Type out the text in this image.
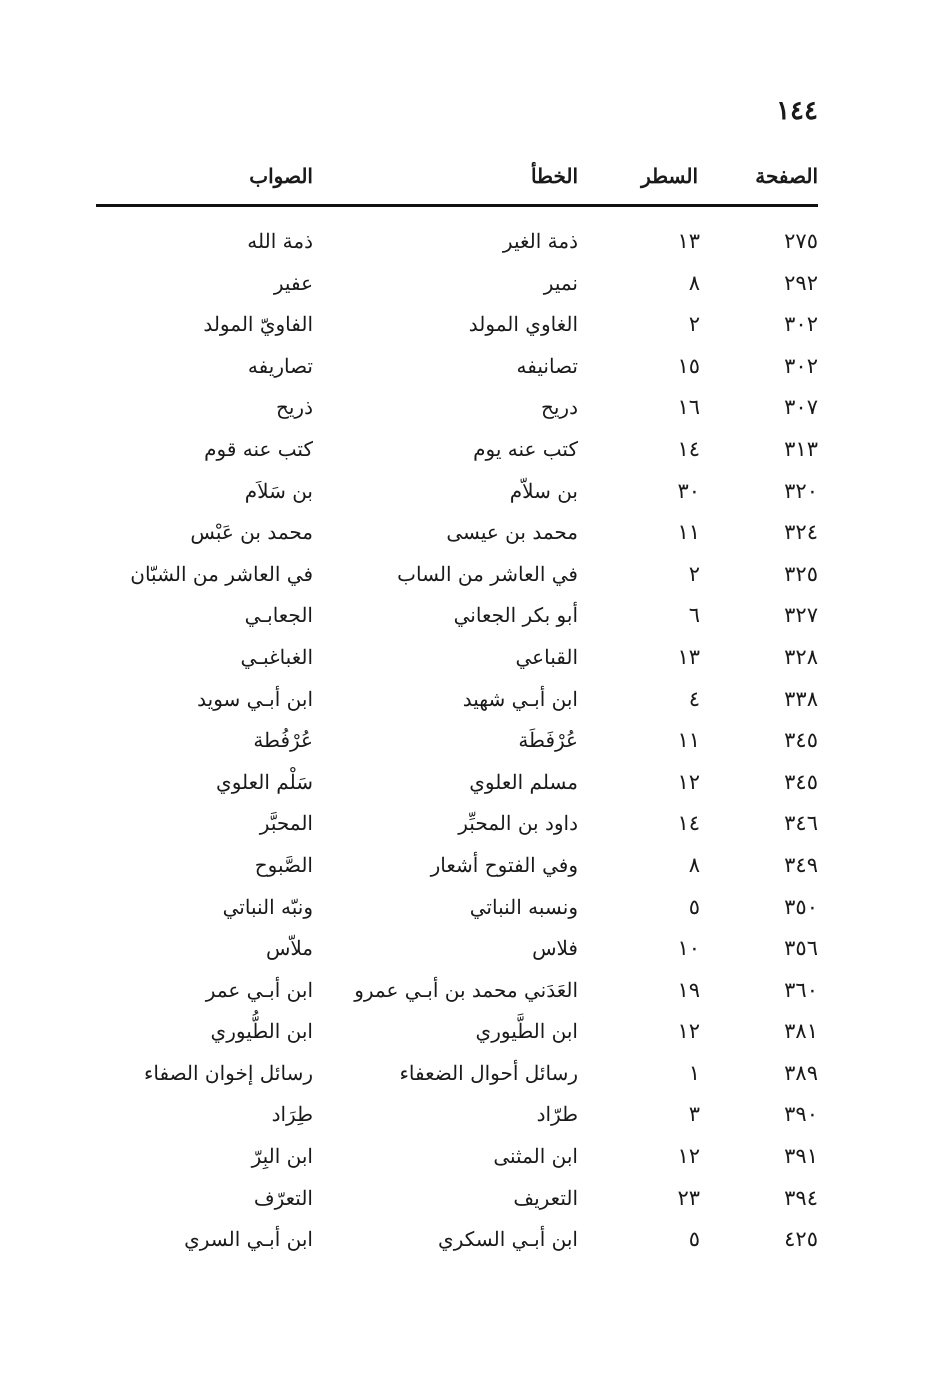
١٤٤
الصفحة
السطر
الخطأ
الصواب
٢٧٥
١٣
ذمة الغير
ذمة الله
٢٩٢
٨
نمير
عفير
٣٠٢
٢
الغاوي المولد
الفاويّ المولد
٣٠٢
١٥
تصانيفه
تصاريفه
٣٠٧
١٦
دريح
ذريح
٣١٣
١٤
كتب عنه يوم
كتب عنه قوم
٣٢٠
٣٠
بن سلاّم
بن سَلاَم
٣٢٤
١١
محمد بن عيسى
محمد بن عَبْس
٣٢٥
٢
في العاشر من الساب
في العاشر من الشبّان
٣٢٧
٦
أبو بكر الجعاني
الجعابـي
٣٢٨
١٣
القباعي
الغباغبـي
٣٣٨
٤
ابن أبـي شهيد
ابن أبـي سويد
٣٤٥
١١
عُرْفَطَة
عُرْفُطة
٣٤٥
١٢
مسلم العلوي
سَلْم العلوي
٣٤٦
١٤
داود بن المحبِّر
المحبَّر
٣٤٩
٨
وفي الفتوح أشعار
الصَّبوح
٣٥٠
٥
ونسبه النباتي
ونبّه النباتي
٣٥٦
١٠
فلاس
ملاّس
٣٦٠
١٩
العَدَني محمد بن أبـي عمرو
ابن أبـي عمر
٣٨١
١٢
ابن الطَّيوري
ابن الطُّيوري
٣٨٩
١
رسائل أحوال الضعفاء
رسائل إخوان الصفاء
٣٩٠
٣
طرّاد
طِرَاد
٣٩١
١٢
ابن المثنى
ابن البِرّ
٣٩٤
٢٣
التعريف
التعرّف
٤٢٥
٥
ابن أبـي السكري
ابن أبـي السري
